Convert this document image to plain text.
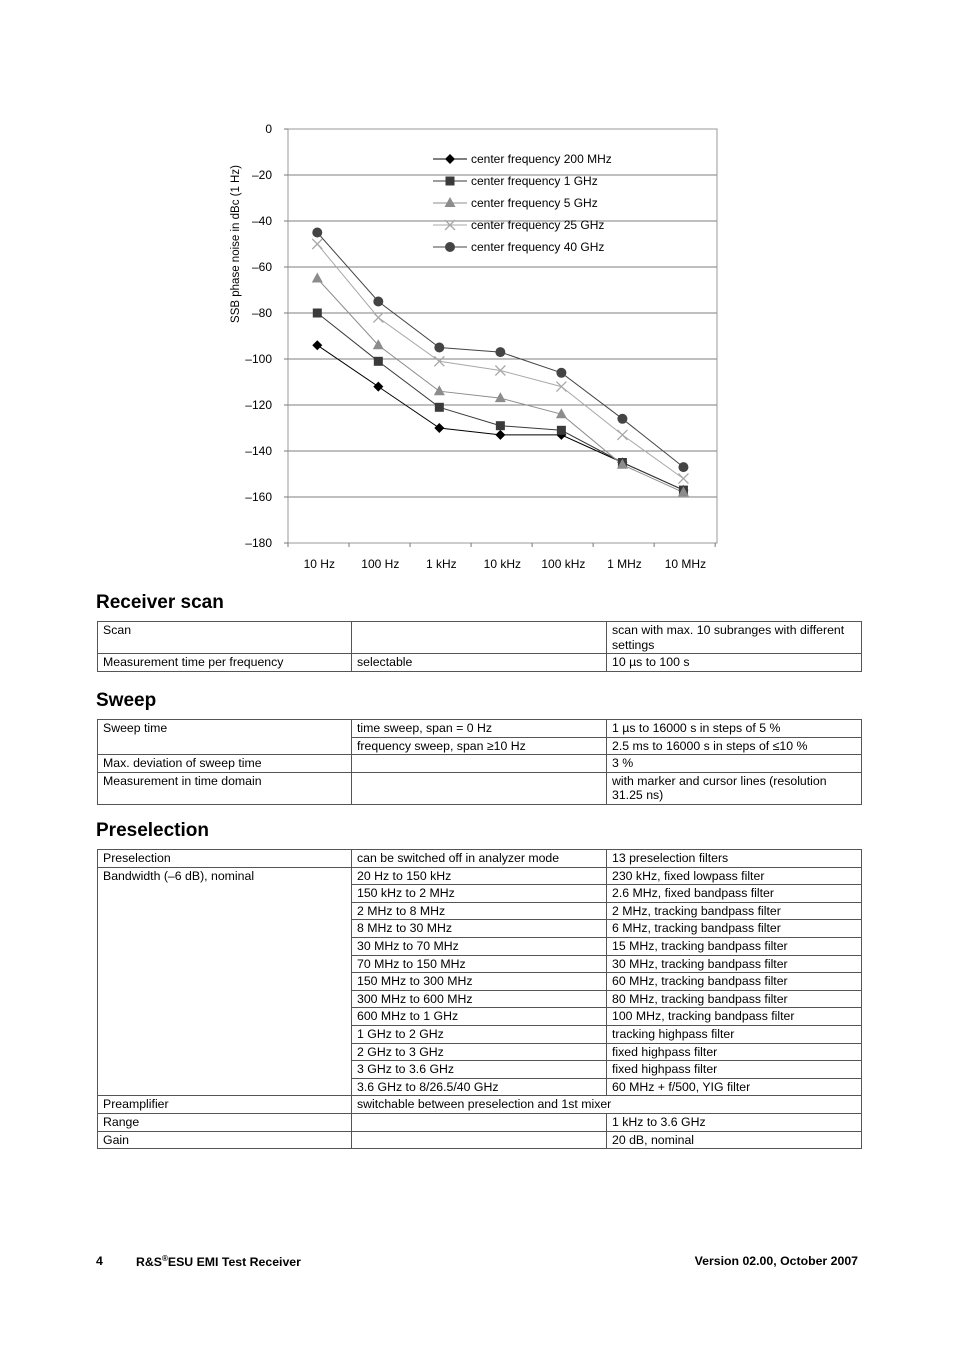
0
–20
–40
–60
–80
–100
–120
–140
–160
–180
10 Hz 100 Hz 1 kHz 10 kHz 100 kHz 1 MHz 10 MHz
SSB phase noise in dBc (1 Hz)
center frequency 200 MHz
center frequency 1 GHz
center frequency 5 GHz
center frequency 25 GHz
center frequency 40 GHz
Receiver scan
Scan		scan with max. 10 subranges with different settings
Measurement time per frequency	selectable	10 µs to 100 s
Sweep
Sweep time	time sweep, span = 0 Hz	1 µs to 16000 s in steps of 5 %
	frequency sweep, span ≥10 Hz	2.5 ms to 16000 s in steps of ≤10 %
Max. deviation of sweep time		3 %
Measurement in time domain		with marker and cursor lines (resolution 31.25 ns)
Preselection
Preselection	can be switched off in analyzer mode	13 preselection filters
Bandwidth (–6 dB), nominal	20 Hz to 150 kHz	230 kHz, fixed lowpass filter
	150 kHz to 2 MHz	2.6 MHz, fixed bandpass filter
	2 MHz to 8 MHz	2 MHz, tracking bandpass filter
	8 MHz to 30 MHz	6 MHz, tracking bandpass filter
	30 MHz to 70 MHz	15 MHz, tracking bandpass filter
	70 MHz to 150 MHz	30 MHz, tracking bandpass filter
	150 MHz to 300 MHz	60 MHz, tracking bandpass filter
	300 MHz to 600 MHz	80 MHz, tracking bandpass filter
	600 MHz to 1 GHz	100 MHz, tracking bandpass filter
	1 GHz to 2 GHz	tracking highpass filter
	2 GHz to 3 GHz	fixed highpass filter
	3 GHz to 3.6 GHz	fixed highpass filter
	3.6 GHz to 8/26.5/40 GHz	60 MHz + f/500, YIG filter
Preamplifier	switchable between preselection and 1st mixer	
Range		1 kHz to 3.6 GHz
Gain		20 dB, nominal
4	R&S®ESU EMI Test Receiver	Version 02.00, October 2007
